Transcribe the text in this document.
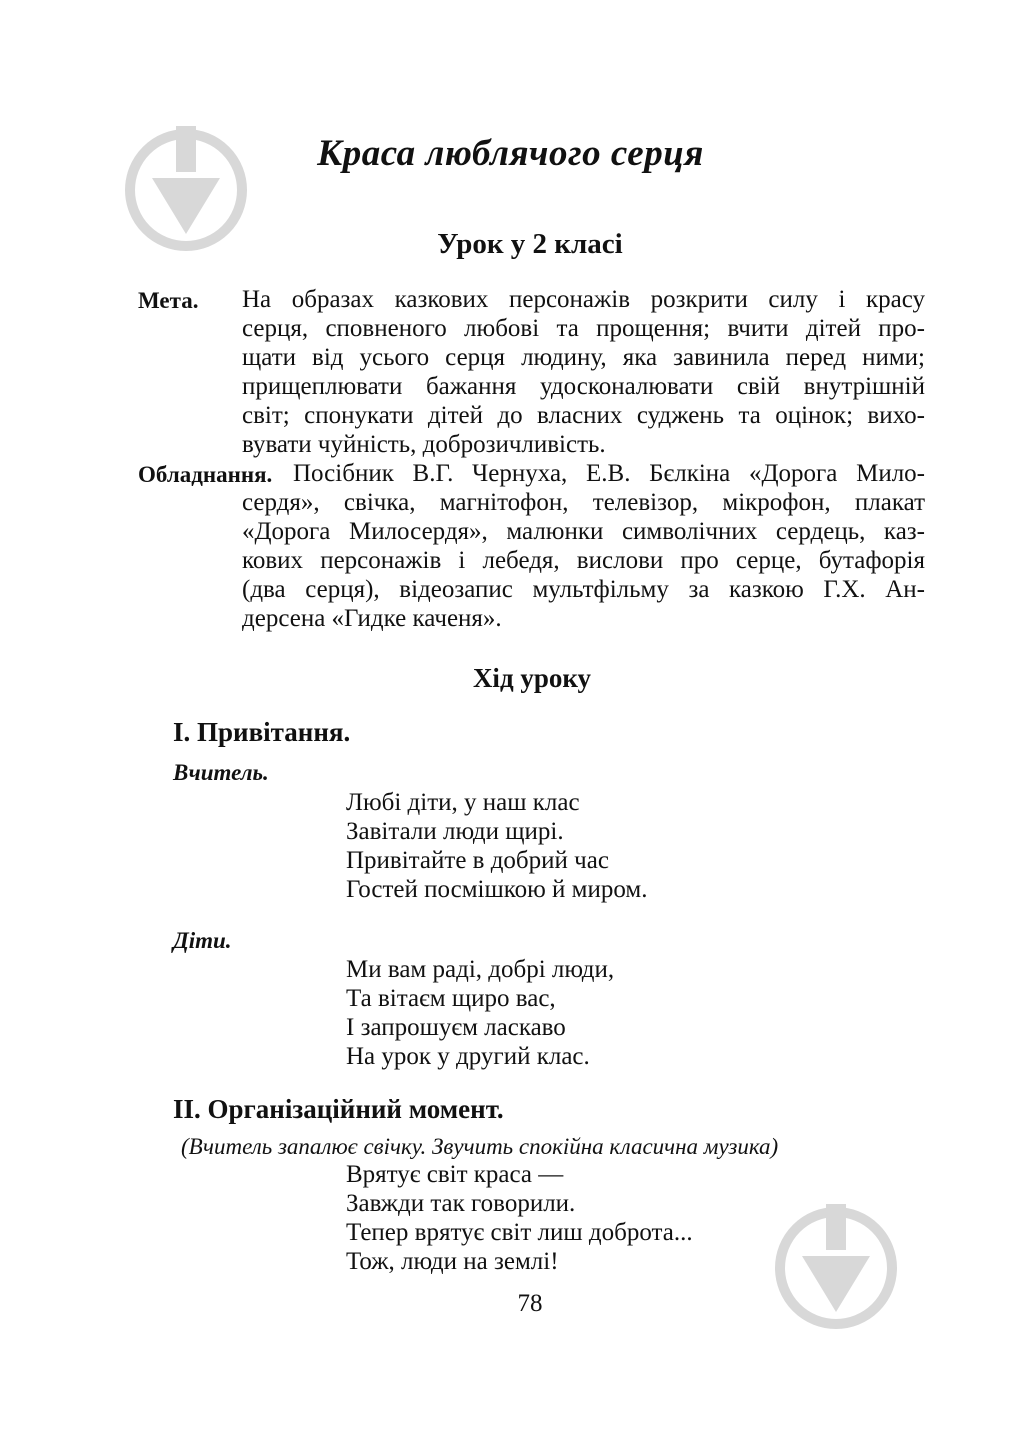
Краса люблячого серця
Урок у 2 класі
Мета. На образах казкових персонажів розкрити силу і красу
серця, сповненого любові та прощення; вчити дітей про-
щати від усього серця людину, яка завинила перед ними;
прищеплювати бажання удосконалювати свій внутрішній
світ; спонукати дітей до власних суджень та оцінок; вихо-
вувати чуйність, доброзичливість.
Обладнання. Посібник В.Г. Чернуха, Е.В. Бєлкіна «Дорога Мило-
сердя», свічка, магнітофон, телевізор, мікрофон, плакат
«Дорога Милосердя», малюнки символічних сердець, каз-
кових персонажів і лебедя, вислови про серце, бутафорія
(два серця), відеозапис мультфільму за казкою Г.Х. Ан-
дерсена «Гидке каченя».
Хід уроку
І. Привітання.
Вчитель.
Любі діти, у наш клас
Завітали люди щирі.
Привітайте в добрий час
Гостей посмішкою й миром.
Діти.
Ми вам раді, добрі люди,
Та вітаєм щиро вас,
І запрошуєм ласкаво
На урок у другий клас.
ІІ. Організаційний момент.
(Вчитель запалює свічку. Звучить спокійна класична музика)
Врятує світ краса —
Завжди так говорили.
Тепер врятує світ лиш доброта...
Тож, люди на землі!
78
